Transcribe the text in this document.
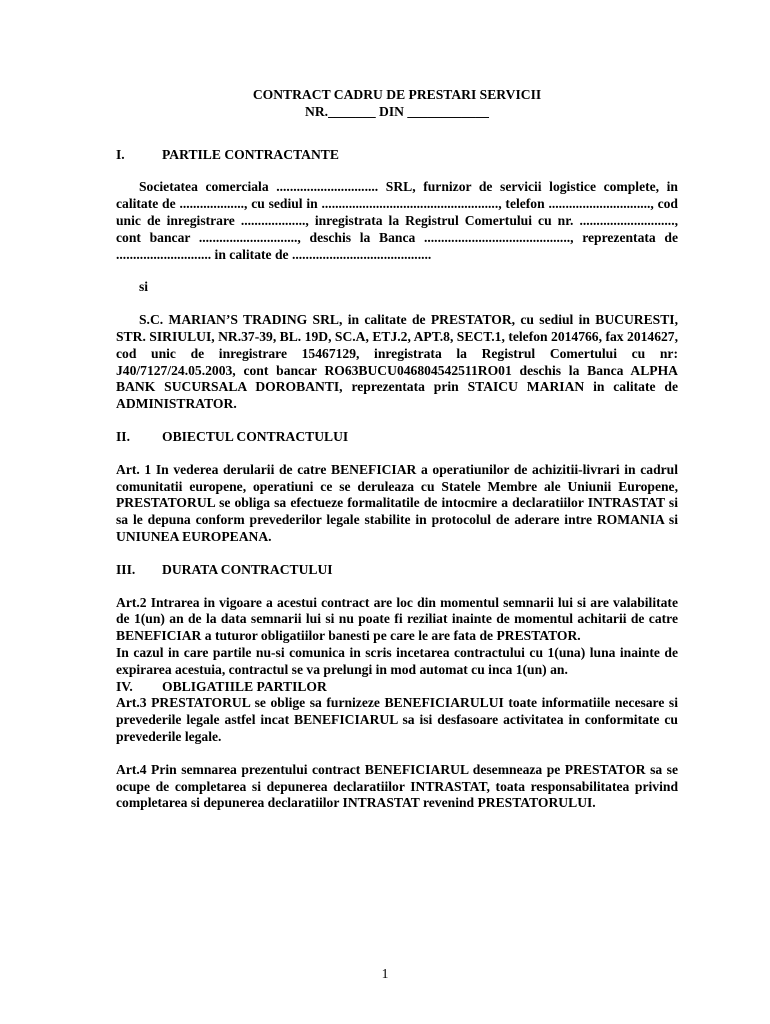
CONTRACT CADRU DE PRESTARI SERVICII

NR._______ DIN ____________

I.	PARTILE CONTRACTANTE

Societatea comerciala .............................. SRL, furnizor de servicii logistice complete, in calitate de ..................., cu sediul in ...................................................., telefon .............................., cod unic de inregistrare ..................., inregistrata la Registrul Comertului cu nr. ............................, cont bancar ............................., deschis la Banca ..........................................., reprezentata de ............................ in calitate de .........................................

si

S.C. MARIAN’S TRADING SRL, in calitate de PRESTATOR, cu sediul in BUCURESTI, STR. SIRIULUI, NR.37-39, BL. 19D, SC.A, ETJ.2, APT.8, SECT.1, telefon 2014766, fax 2014627, cod unic de inregistrare 15467129, inregistrata la Registrul Comertului cu nr: J40/7127/24.05.2003, cont bancar RO63BUCU046804542511RO01 deschis la Banca ALPHA BANK SUCURSALA DOROBANTI, reprezentata prin STAICU MARIAN in calitate de ADMINISTRATOR.

II.	OBIECTUL CONTRACTULUI

Art. 1 In vederea derularii de catre BENEFICIAR a operatiunilor de achizitii-livrari in cadrul comunitatii europene, operatiuni ce se deruleaza cu Statele Membre ale Uniunii Europene, PRESTATORUL se obliga sa efectueze formalitatile de intocmire a declaratiilor INTRASTAT si sa le depuna conform prevederilor legale stabilite in protocolul de aderare intre ROMANIA si UNIUNEA EUROPEANA.

III.	DURATA CONTRACTULUI

Art.2 Intrarea in vigoare a acestui contract are loc din momentul semnarii lui si are valabilitate de 1(un) an de la data semnarii lui si nu poate fi reziliat inainte de momentul achitarii de catre BENEFICIAR a tuturor obligatiilor banesti pe care le are fata de PRESTATOR.

In cazul in care partile nu-si comunica in scris incetarea contractului cu 1(una) luna inainte de expirarea acestuia, contractul se va prelungi in mod automat cu inca 1(un) an.

IV.	OBLIGATIILE PARTILOR

Art.3 PRESTATORUL se oblige sa furnizeze BENEFICIARULUI toate informatiile necesare si prevederile legale astfel incat BENEFICIARUL sa isi desfasoare activitatea in conformitate cu prevederile legale.

Art.4 Prin semnarea prezentului contract BENEFICIARUL desemneaza pe PRESTATOR sa se ocupe de completarea si depunerea declaratiilor INTRASTAT, toata responsabilitatea privind completarea si depunerea declaratiilor INTRASTAT revenind PRESTATORULUI.

1
